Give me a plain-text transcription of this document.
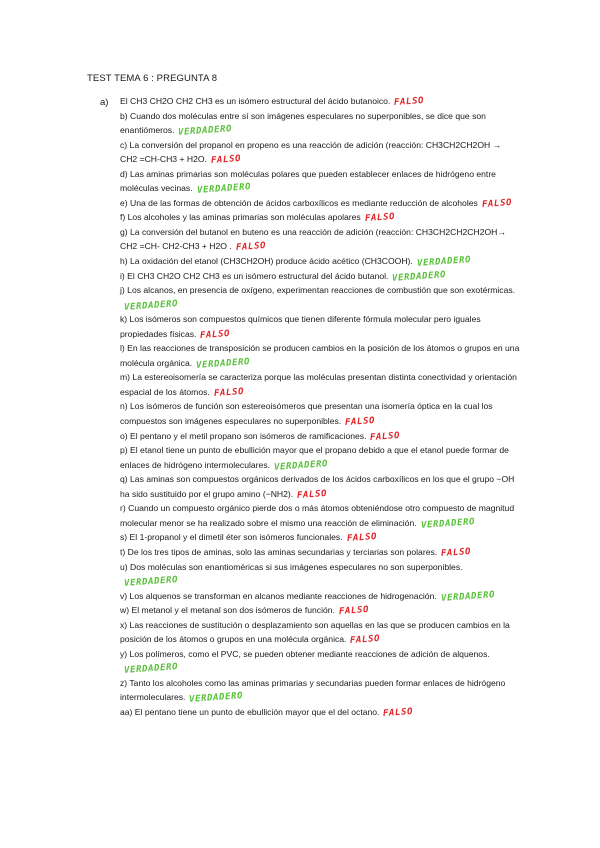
TEST TEMA 6 : PREGUNTA 8
a) El CH3 CH2O CH2 CH3 es un isómero estructural del ácido butanoico. FALSO
b) Cuando dos moléculas entre sí son imágenes especulares no superponibles, se dice que son enantiómeros. VERDADERO
c) La conversión del propanol en propeno es una reacción de adición (reacción: CH3CH2CH2OH → CH2 =CH-CH3 + H2O. FALSO
d) Las aminas primarias son moléculas polares que pueden establecer enlaces de hidrógeno entre moléculas vecinas. VERDADERO
e) Una de las formas de obtención de ácidos carboxílicos es mediante reducción de alcoholes FALSO
f) Los alcoholes y las aminas primarias son moléculas apolares FALSO
g) La conversión del butanol en buteno es una reacción de adición (reacción: CH3CH2CH2CH2OH→ CH2 =CH- CH2-CH3 + H2O . FALSO
h) La oxidación del etanol (CH3CH2OH) produce ácido acético (CH3COOH). VERDADERO
i) El CH3 CH2O CH2 CH3 es un isómero estructural del ácido butanol. VERDADERO
j) Los alcanos, en presencia de oxígeno, experimentan reacciones de combustión que son exotérmicas.VERDADERO
k) Los isómeros son compuestos químicos que tienen diferente fórmula molecular pero iguales propiedades físicas. FALSO
l) En las reacciones de transposición se producen cambios en la posición de los átomos o grupos en una molécula orgánica. VERDADERO
m) La estereoisomería se caracteriza porque las moléculas presentan distinta conectividad y orientación espacial de los átomos. FALSO
n) Los isómeros de función son estereoisómeros que presentan una isomería óptica en la cual los compuestos son imágenes especulares no superponibles. FALSO
o) El pentano y el metil propano son isómeros de ramificaciones. FALSO
p) El etanol tiene un punto de ebullición mayor que el propano debido a que el etanol puede formar de enlaces de hidrógeno intermoleculares. VERDADERO
q) Las aminas son compuestos orgánicos derivados de los ácidos carboxílicos en los que el grupo −OH ha sido sustituido por el grupo amino (−NH2). FALSO
r) Cuando un compuesto orgánico pierde dos o más átomos obteniéndose otro compuesto de magnitud molecular menor se ha realizado sobre el mismo una reacción de eliminación. VERDADERO
s) El 1-propanol y el dimetil éter son isómeros funcionales. FALSO
t) De los tres tipos de aminas, solo las aminas secundarias y terciarias son polares. FALSO
u) Dos moléculas son enantioméricas si sus imágenes especulares no son superponibles.VERDADERO
v) Los alquenos se transforman en alcanos mediante reacciones de hidrogenación. VERDADERO
w) El metanol y el metanal son dos isómeros de función. FALSO
x) Las reacciones de sustitución o desplazamiento son aquellas en las que se producen cambios en la posición de los átomos o grupos en una molécula orgánica. FALSO
y) Los polímeros, como el PVC, se pueden obtener mediante reacciones de adición de alquenos.VERDADERO
z) Tanto los alcoholes como las aminas primarias y secundarias pueden formar enlaces de hidrógeno intermoleculares. VERDADERO
aa) El pentano tiene un punto de ebullición mayor que el del octano. FALSO
